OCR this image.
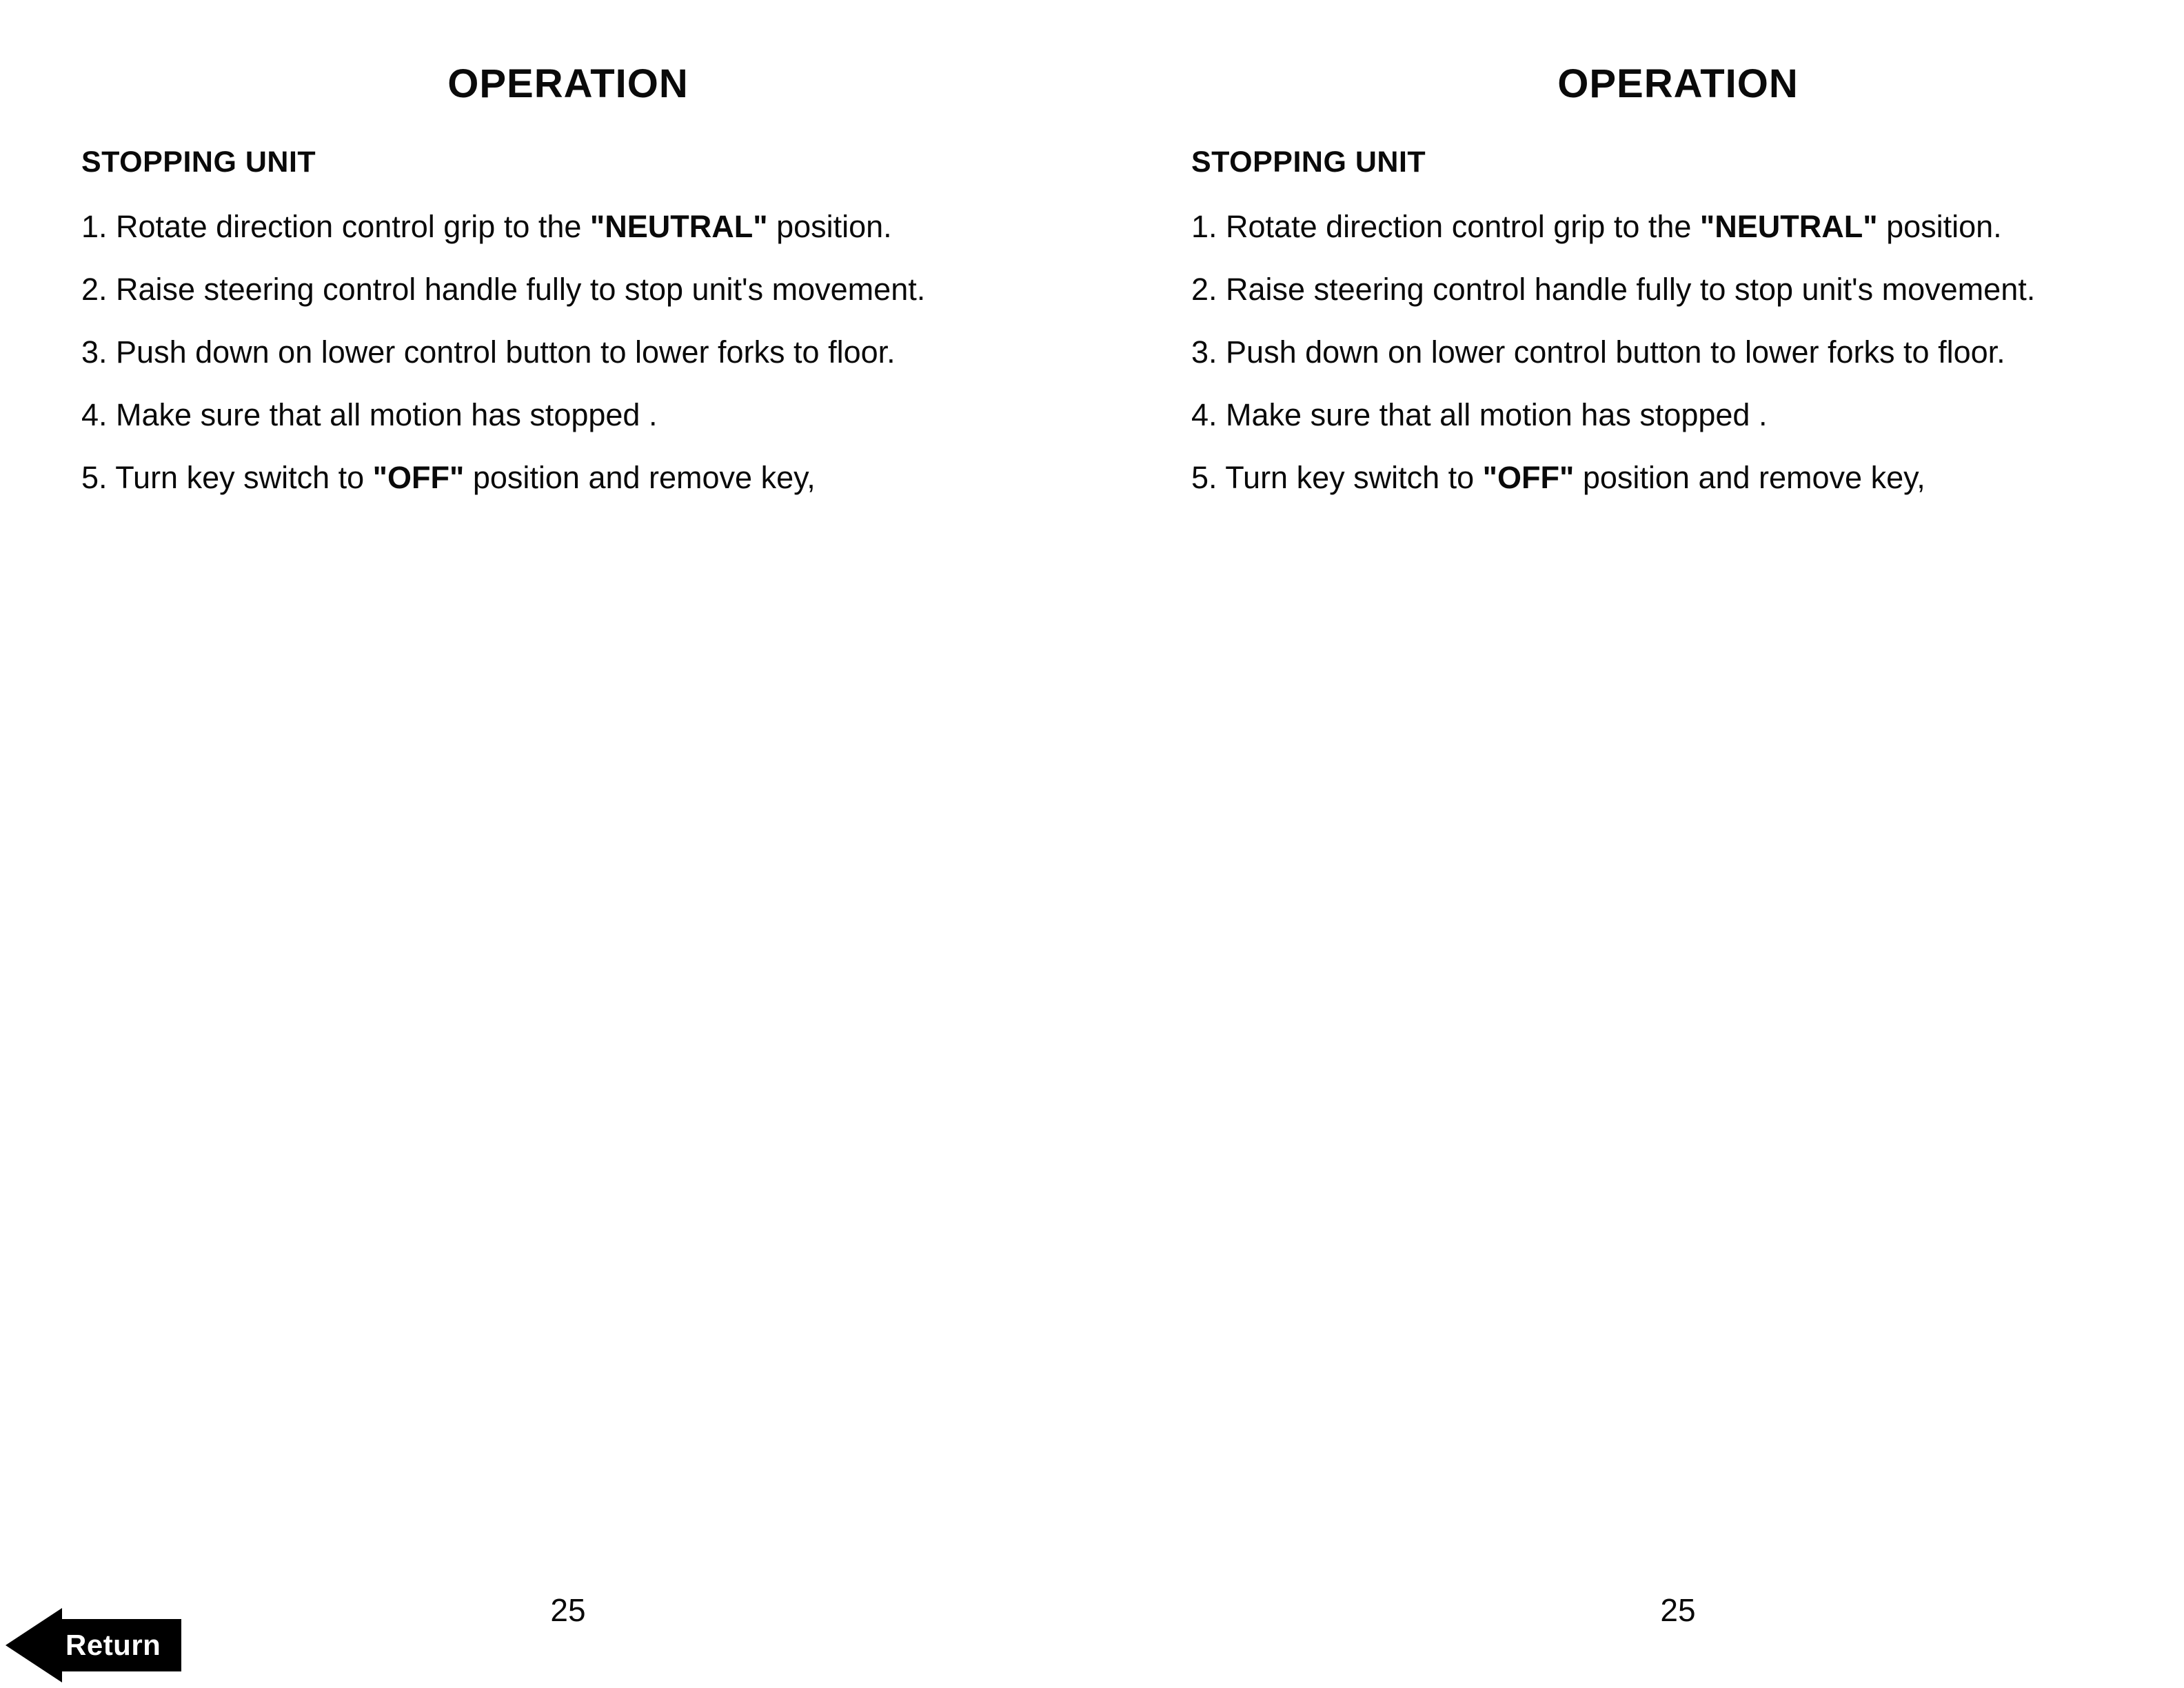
OPERATION
STOPPING UNIT
1. Rotate direction control grip to the "NEUTRAL" position.
2. Raise steering control handle fully to stop unit's movement.
3. Push down on lower control button to lower forks to floor.
4. Make sure that all motion has stopped .
5. Turn key switch to "OFF" position and remove key,
OPERATION
STOPPING UNIT
1. Rotate direction control grip to the "NEUTRAL" position.
2. Raise steering control handle fully to stop unit's movement.
3. Push down on lower control button to lower forks to floor.
4. Make sure that all motion has stopped .
5. Turn key switch to "OFF" position and remove key,
25	25
Return
